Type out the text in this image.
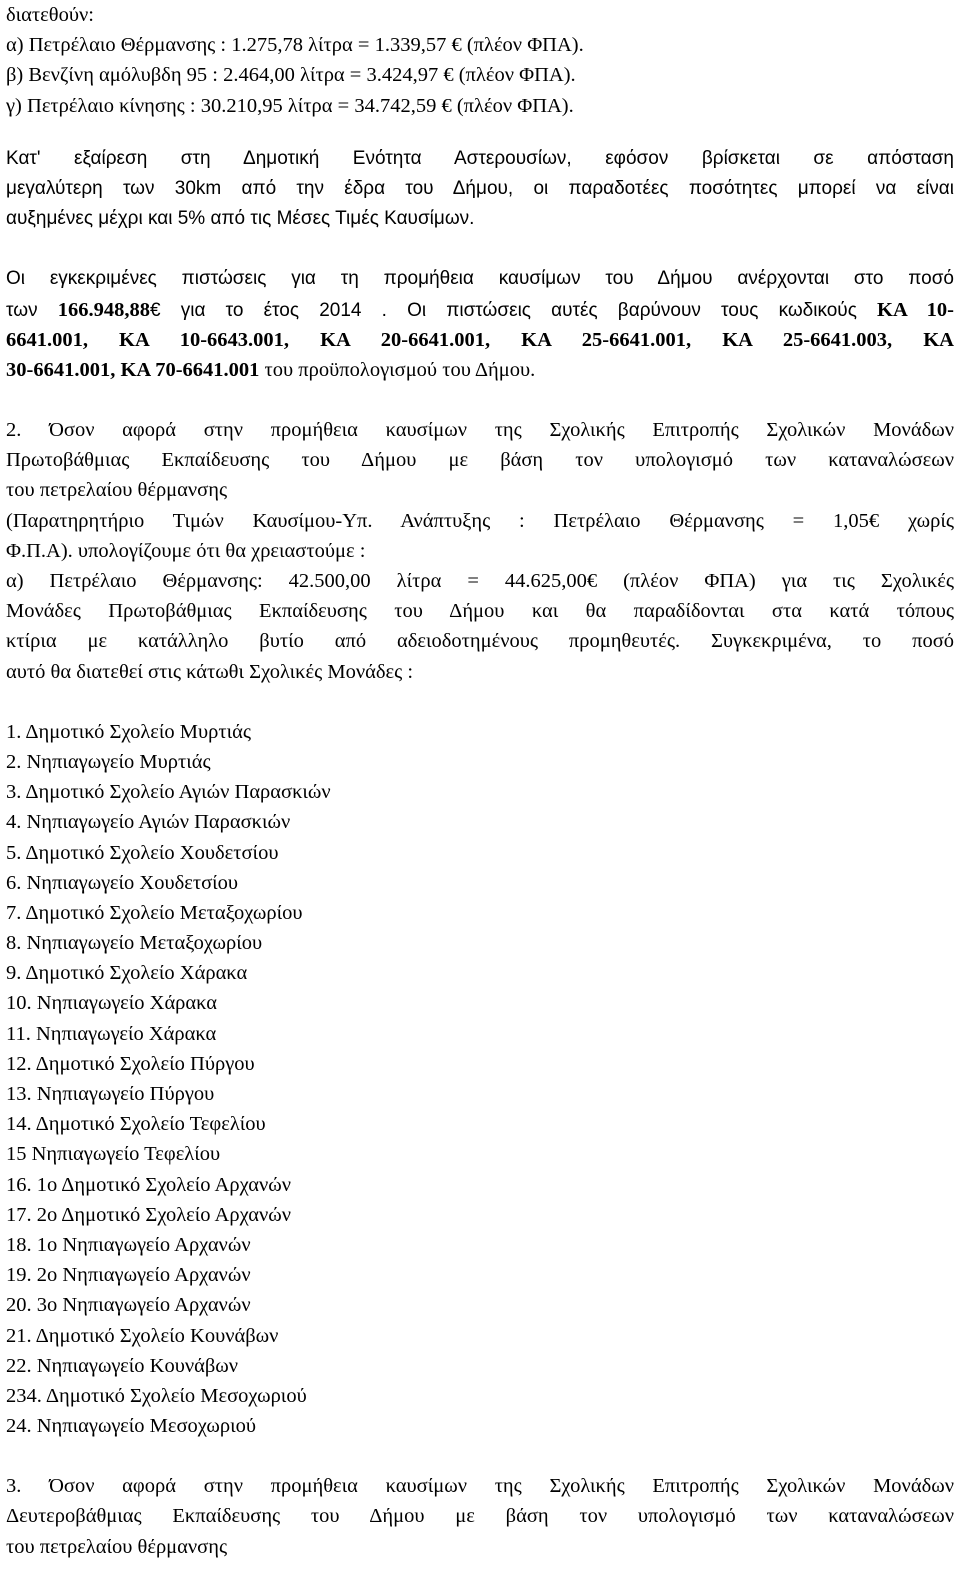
διατεθούν:
α) Πετρέλαιο Θέρμανσης : 1.275,78 λίτρα = 1.339,57 € (πλέον ΦΠΑ).
β) Βενζίνη αμόλυβδη 95 : 2.464,00 λίτρα = 3.424,97 € (πλέον ΦΠΑ).
γ) Πετρέλαιο κίνησης : 30.210,95 λίτρα = 34.742,59 € (πλέον ΦΠΑ).
Κατ' εξαίρεση στη Δημοτική Ενότητα Αστερουσίων, εφόσον βρίσκεται σε απόσταση
μεγαλύτερη των 30km από την έδρα του Δήμου, οι παραδοτέες ποσότητες μπορεί να είναι
αυξημένες μέχρι και 5% από τις Μέσες Τιμές Καυσίμων.
Οι εγκεκριμένες πιστώσεις για τη προμήθεια καυσίμων του Δήμου ανέρχονται στο ποσό
των 166.948,88€ για το έτος 2014 . Οι πιστώσεις αυτές βαρύνουν τους κωδικούς ΚΑ 10-
6641.001, ΚΑ 10-6643.001, ΚΑ 20-6641.001, ΚΑ 25-6641.001, ΚΑ 25-6641.003, ΚΑ
30-6641.001, ΚΑ 70-6641.001 του προϋπολογισμού του Δήμου.
2. Όσον αφορά στην προμήθεια καυσίμων της Σχολικής Επιτροπής Σχολικών Μονάδων
Πρωτοβάθμιας Εκπαίδευσης του Δήμου με βάση τον υπολογισμό των καταναλώσεων
του πετρελαίου θέρμανσης
(Παρατηρητήριο Τιμών Καυσίμου-Υπ. Ανάπτυξης : Πετρέλαιο Θέρμανσης = 1,05€ χωρίς
Φ.Π.Α). υπολογίζουμε ότι θα χρειαστούμε :
α) Πετρέλαιο Θέρμανσης: 42.500,00 λίτρα = 44.625,00€ (πλέον ΦΠΑ) για τις Σχολικές
Μονάδες Πρωτοβάθμιας Εκπαίδευσης του Δήμου και θα παραδίδονται στα κατά τόπους
κτίρια με κατάλληλο βυτίο από αδειοδοτημένους προμηθευτές. Συγκεκριμένα, το ποσό
αυτό θα διατεθεί στις κάτωθι Σχολικές Μονάδες :
1. Δημοτικό Σχολείο Μυρτιάς
2. Νηπιαγωγείο Μυρτιάς
3. Δημοτικό Σχολείο Αγιών Παρασκιών
4. Νηπιαγωγείο Αγιών Παρασκιών
5. Δημοτικό Σχολείο Χουδετσίου
6. Νηπιαγωγείο Χουδετσίου
7. Δημοτικό Σχολείο Μεταξοχωρίου
8. Νηπιαγωγείο Μεταξοχωρίου
9. Δημοτικό Σχολείο Χάρακα
10. Νηπιαγωγείο Χάρακα
11. Νηπιαγωγείο Χάρακα
12. Δημοτικό Σχολείο Πύργου
13. Νηπιαγωγείο Πύργου
14. Δημοτικό Σχολείο Τεφελίου
15 Νηπιαγωγείο Τεφελίου
16. 1ο Δημοτικό Σχολείο Αρχανών
17. 2ο Δημοτικό Σχολείο Αρχανών
18. 1ο Νηπιαγωγείο Αρχανών
19. 2ο Νηπιαγωγείο Αρχανών
20. 3ο Νηπιαγωγείο Αρχανών
21. Δημοτικό Σχολείο Κουνάβων
22. Νηπιαγωγείο Κουνάβων
234. Δημοτικό Σχολείο Μεσοχωριού
24. Νηπιαγωγείο Μεσοχωριού
3. Όσον αφορά στην προμήθεια καυσίμων της Σχολικής Επιτροπής Σχολικών Μονάδων
Δευτεροβάθμιας Εκπαίδευσης του Δήμου με βάση τον υπολογισμό των καταναλώσεων
του πετρελαίου θέρμανσης
